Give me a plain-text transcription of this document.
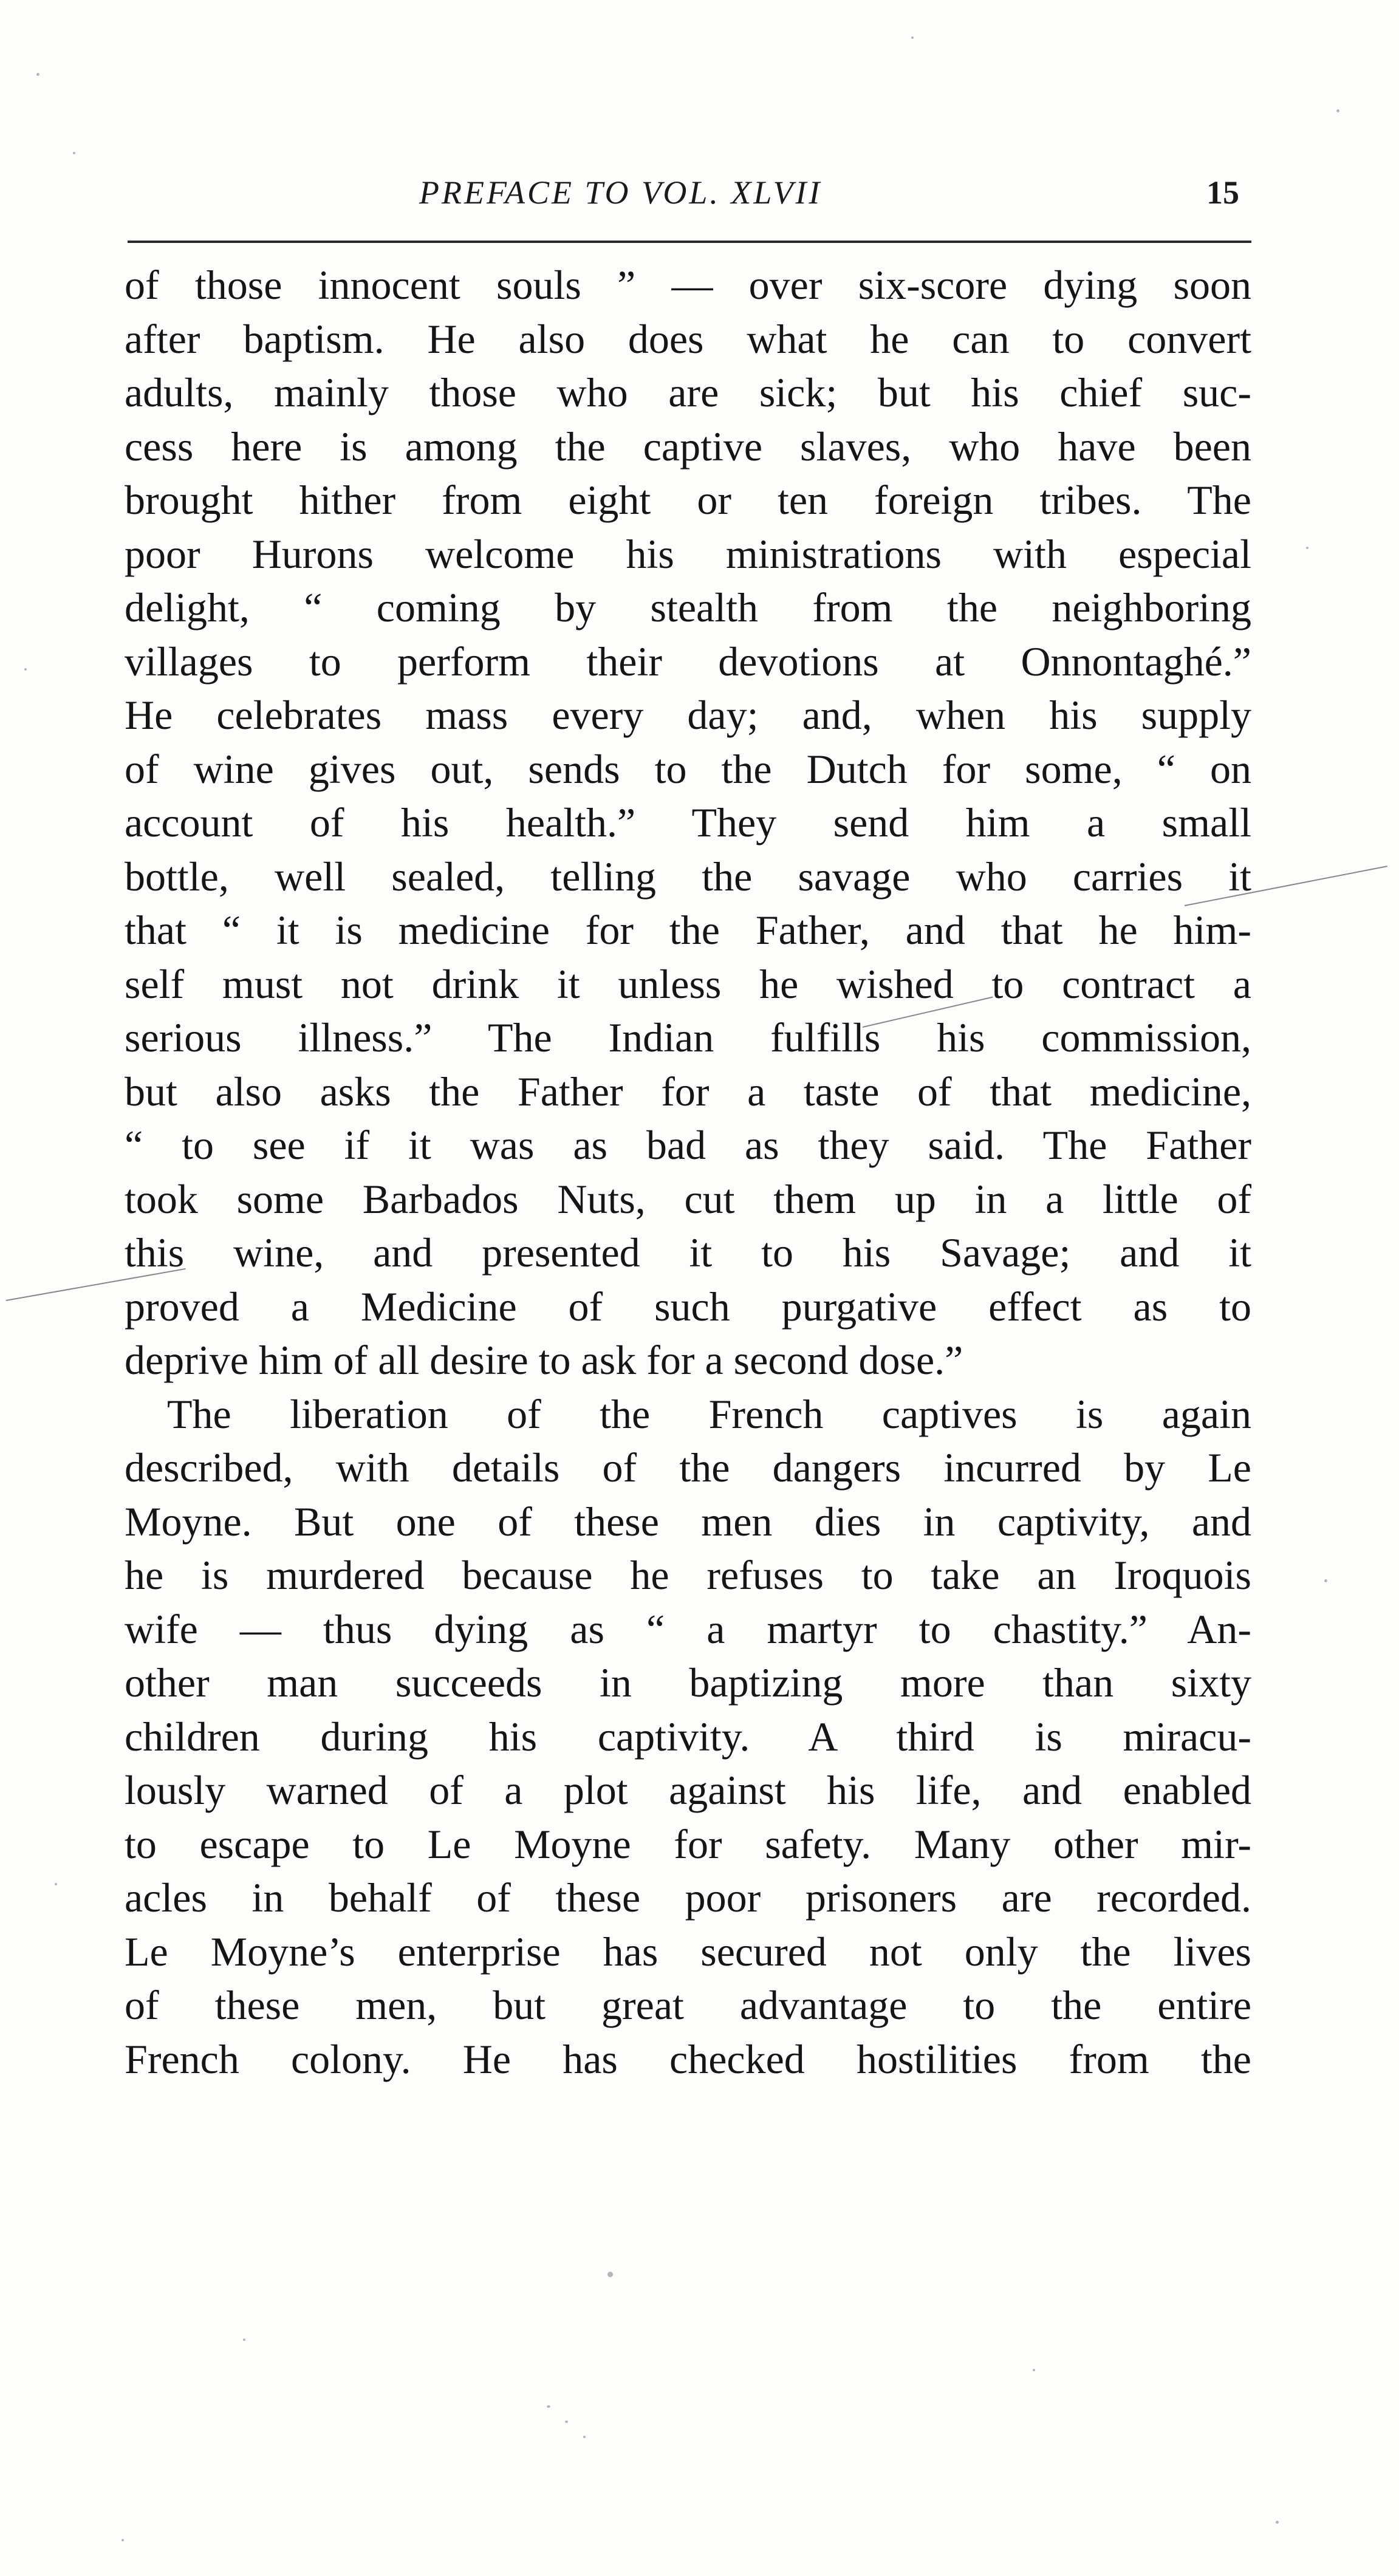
PREFACE TO VOL. XLVII	15
of those innocent souls ” — over six-score dying soon
after baptism. He also does what he can to convert
adults, mainly those who are sick; but his chief suc-
cess here is among the captive slaves, who have been
brought hither from eight or ten foreign tribes. The
poor Hurons welcome his ministrations with especial
delight, “ coming by stealth from the neighboring
villages to perform their devotions at Onnontaghé.”
He celebrates mass every day; and, when his supply
of wine gives out, sends to the Dutch for some, “ on
account of his health.” They send him a small
bottle, well sealed, telling the savage who carries it
that “ it is medicine for the Father, and that he him-
self must not drink it unless he wished to contract a
serious illness.” The Indian fulfills his commission,
but also asks the Father for a taste of that medicine,
“ to see if it was as bad as they said. The Father
took some Barbados Nuts, cut them up in a little of
this wine, and presented it to his Savage; and it
proved a Medicine of such purgative effect as to
deprive him of all desire to ask for a second dose.”
The liberation of the French captives is again
described, with details of the dangers incurred by Le
Moyne. But one of these men dies in captivity, and
he is murdered because he refuses to take an Iroquois
wife — thus dying as “ a martyr to chastity.” An-
other man succeeds in baptizing more than sixty
children during his captivity. A third is miracu-
lously warned of a plot against his life, and enabled
to escape to Le Moyne for safety. Many other mir-
acles in behalf of these poor prisoners are recorded.
Le Moyne’s enterprise has secured not only the lives
of these men, but great advantage to the entire
French colony. He has checked hostilities from the
